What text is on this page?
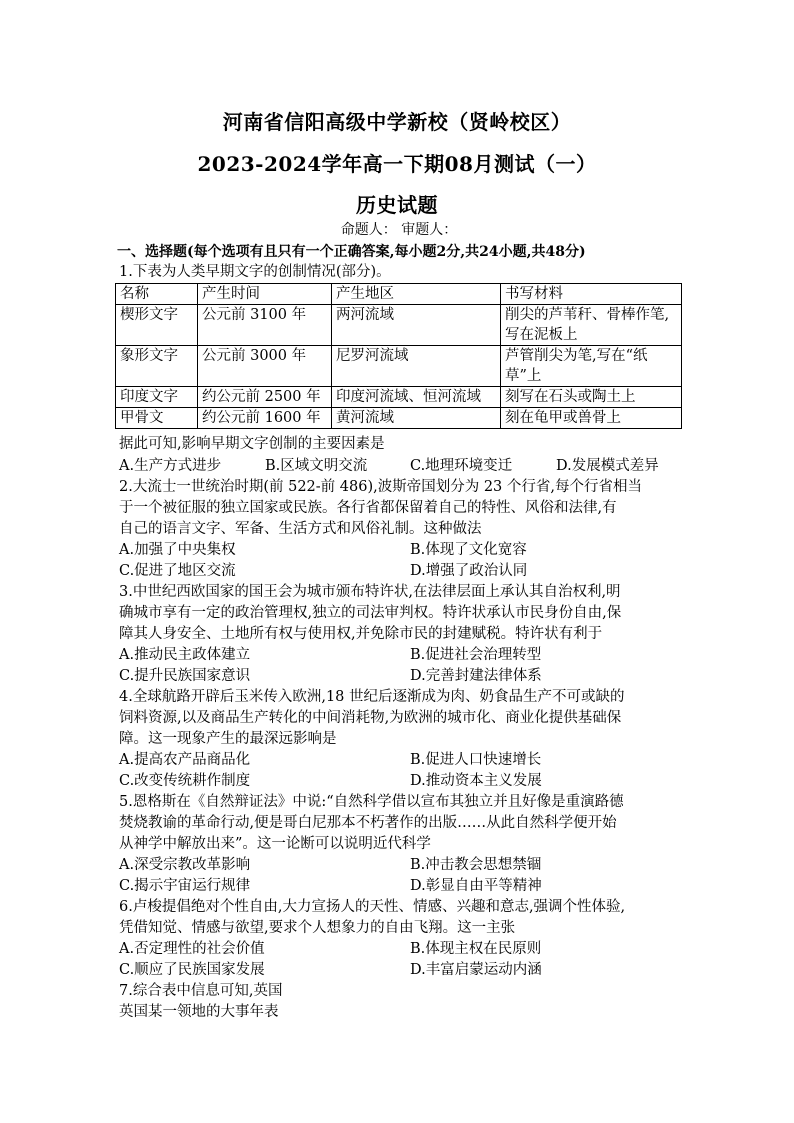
河南省信阳高级中学新校（贤岭校区）
2023-2024学年高一下期08月测试（一）
历史试题
命题人： 审题人：
一、选择题(每个选项有且只有一个正确答案,每小题2分,共24小题,共48分)
1.下表为人类早期文字的创制情况(部分)。
名称	产生时间	产生地区	书写材料
楔形文字	公元前 3100 年	两河流域	削尖的芦苇秆、骨棒作笔,写在泥板上
象形文字	公元前 3000 年	尼罗河流域	芦管削尖为笔,写在“纸草”上
印度文字	约公元前 2500 年	印度河流域、恒河流域	刻写在石头或陶土上
甲骨文	约公元前 1600 年	黄河流域	刻在龟甲或兽骨上
据此可知,影响早期文字创制的主要因素是
A.生产方式进步	B.区域文明交流	C.地理环境变迁	D.发展模式差异
2.大流士一世统治时期(前 522-前 486),波斯帝国划分为 23 个行省,每个行省相当
于一个被征服的独立国家或民族。各行省都保留着自己的特性、风俗和法律,有
自己的语言文字、军备、生活方式和风俗礼制。这种做法
A.加强了中央集权	B.体现了文化宽容
C.促进了地区交流	D.增强了政治认同
3.中世纪西欧国家的国王会为城市颁布特许状,在法律层面上承认其自治权利,明
确城市享有一定的政治管理权,独立的司法审判权。特许状承认市民身份自由,保
障其人身安全、土地所有权与使用权,并免除市民的封建赋税。特许状有利于
A.推动民主政体建立	B.促进社会治理转型
C.提升民族国家意识	D.完善封建法律体系
4.全球航路开辟后玉米传入欧洲,18 世纪后逐渐成为肉、奶食品生产不可或缺的
饲料资源,以及商品生产转化的中间消耗物,为欧洲的城市化、商业化提供基础保
障。这一现象产生的最深远影响是
A.提高农产品商品化	B.促进人口快速增长
C.改变传统耕作制度	D.推动资本主义发展
5.恩格斯在《自然辩证法》中说:“自然科学借以宣布其独立并且好像是重演路德
焚烧教谕的革命行动,便是哥白尼那本不朽著作的出版……从此自然科学便开始
从神学中解放出来”。这一论断可以说明近代科学
A.深受宗教改革影响	B.冲击教会思想禁锢
C.揭示宇宙运行规律	D.彰显自由平等精神
6.卢梭提倡绝对个性自由,大力宣扬人的天性、情感、兴趣和意志,强调个性体验,
凭借知觉、情感与欲望,要求个人想象力的自由飞翔。这一主张
A.否定理性的社会价值	B.体现主权在民原则
C.顺应了民族国家发展	D.丰富启蒙运动内涵
7.综合表中信息可知,英国
英国某一领地的大事年表
